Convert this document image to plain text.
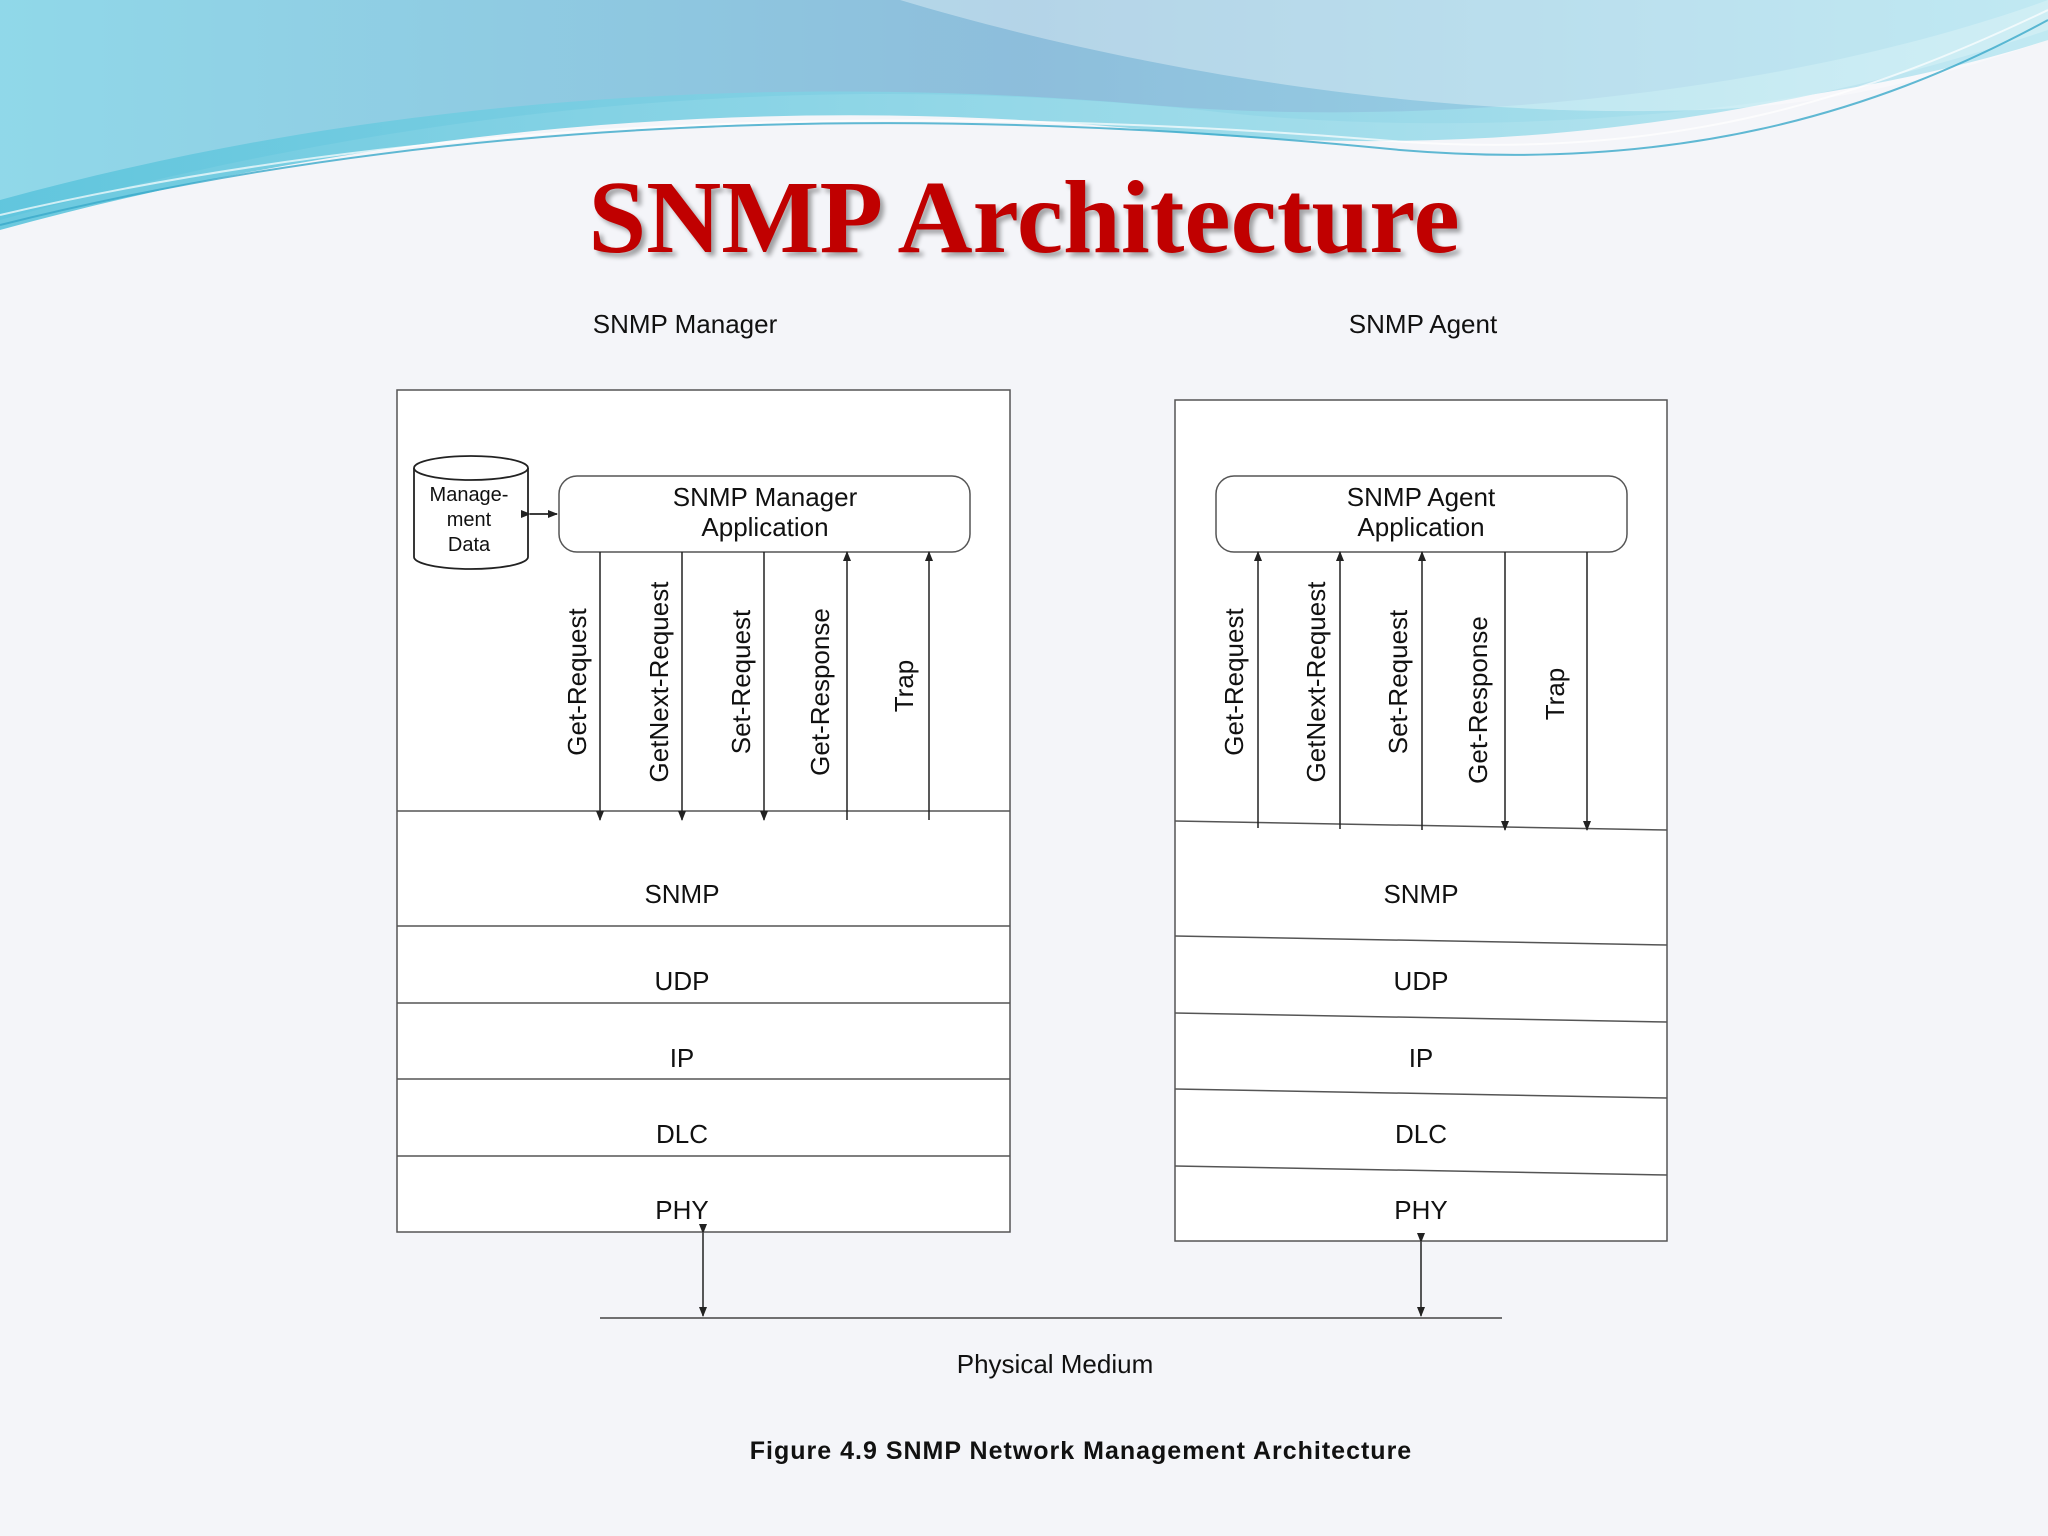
SNMP Architecture
SNMP Manager	SNMP Agent
Manage-
ment
Data
SNMP Manager
Application
Get-Request GetNext-Request Set-Request Get-Response Trap
SNMP
UDP
IP
DLC
PHY
SNMP Agent
Application
Get-Request GetNext-Request Set-Request Get-Response Trap
SNMP
UDP
IP
DLC
PHY
Physical Medium
Figure 4.9 SNMP Network Management Architecture
